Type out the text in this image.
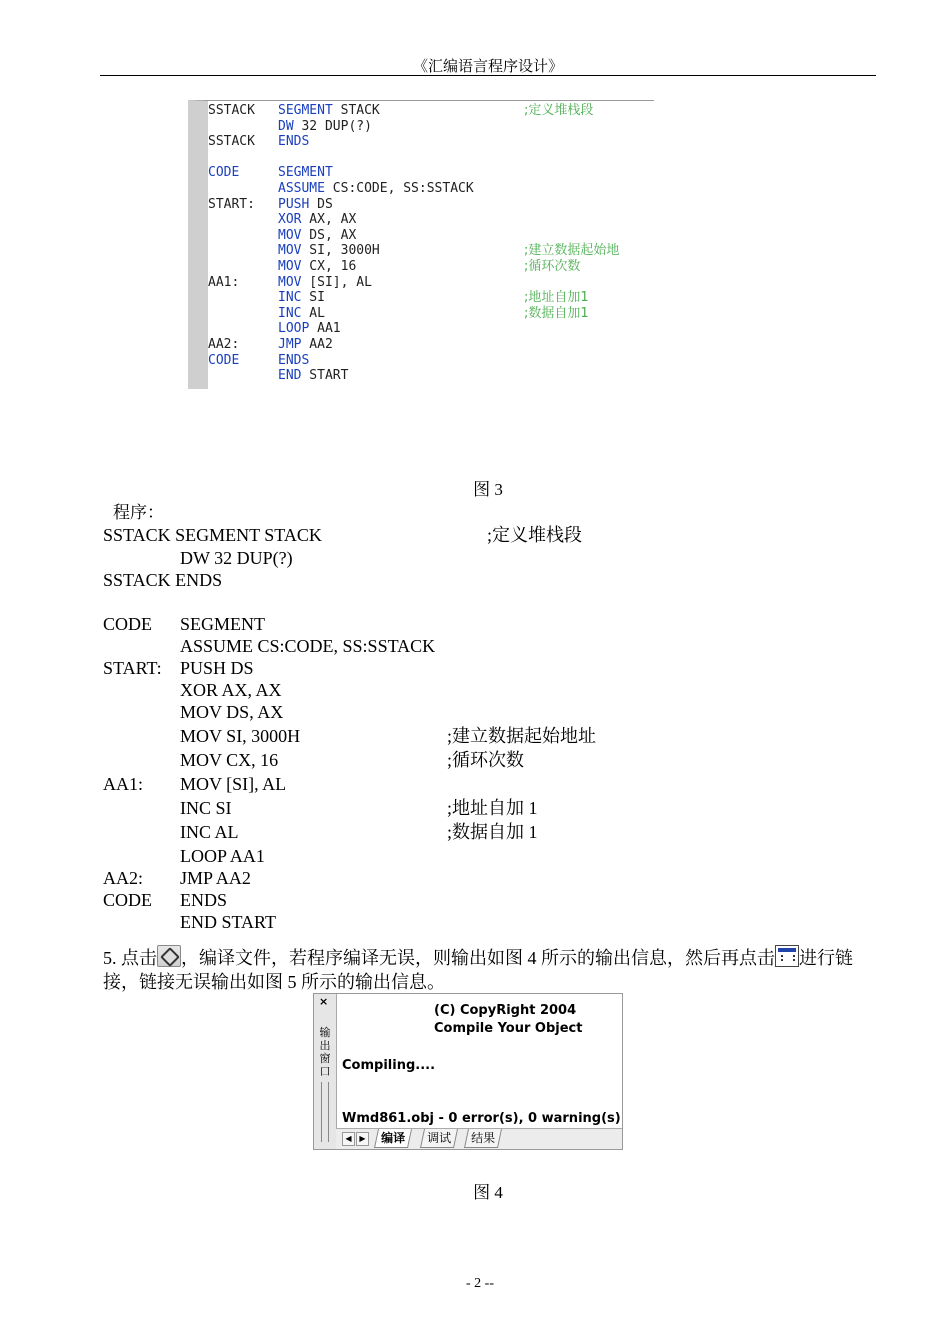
《汇编语言程序设计》
SSTACK SEGMENT STACK	;定义堆栈段
DW 32 DUP(?)
SSTACK ENDS
CODE	SEGMENT
ASSUME CS:CODE, SS:SSTACK
START: PUSH DS
XOR AX, AX
MOV DS, AX
MOV SI, 3000H	;建立数据起始地
MOV CX, 16	;循环次数
AA1:	MOV [SI], AL
INC SI	;地址自加1
INC AL	;数据自加1
LOOP AA1
AA2:	JMP AA2
CODE	ENDS
END START
图 3
程序：
SSTACK SEGMENT STACK	;定义堆栈段
DW 32 DUP(?)
SSTACK ENDS
CODE SEGMENT
ASSUME CS:CODE, SS:SSTACK
START: PUSH DS
XOR AX, AX
MOV DS, AX
MOV SI, 3000H	;建立数据起始地址
MOV CX, 16	;循环次数
AA1: MOV [SI], AL
INC SI	;地址自加 1
INC AL	;数据自加 1
LOOP AA1
AA2: JMP AA2
CODE ENDS
END START
5. 点击 ，编译文件，若程序编译无误，则输出如图 4 所示的输出信息，然后再点击 进行链接，链接无误输出如图 5 所示的输出信息。
×
输出窗口
(C) CopyRight 2004
Compile Your Object
Compiling....
Wmd861.obj - 0 error(s), 0 warning(s)
◀ ▶	编译	调试	结果
图 4
- 2 --
